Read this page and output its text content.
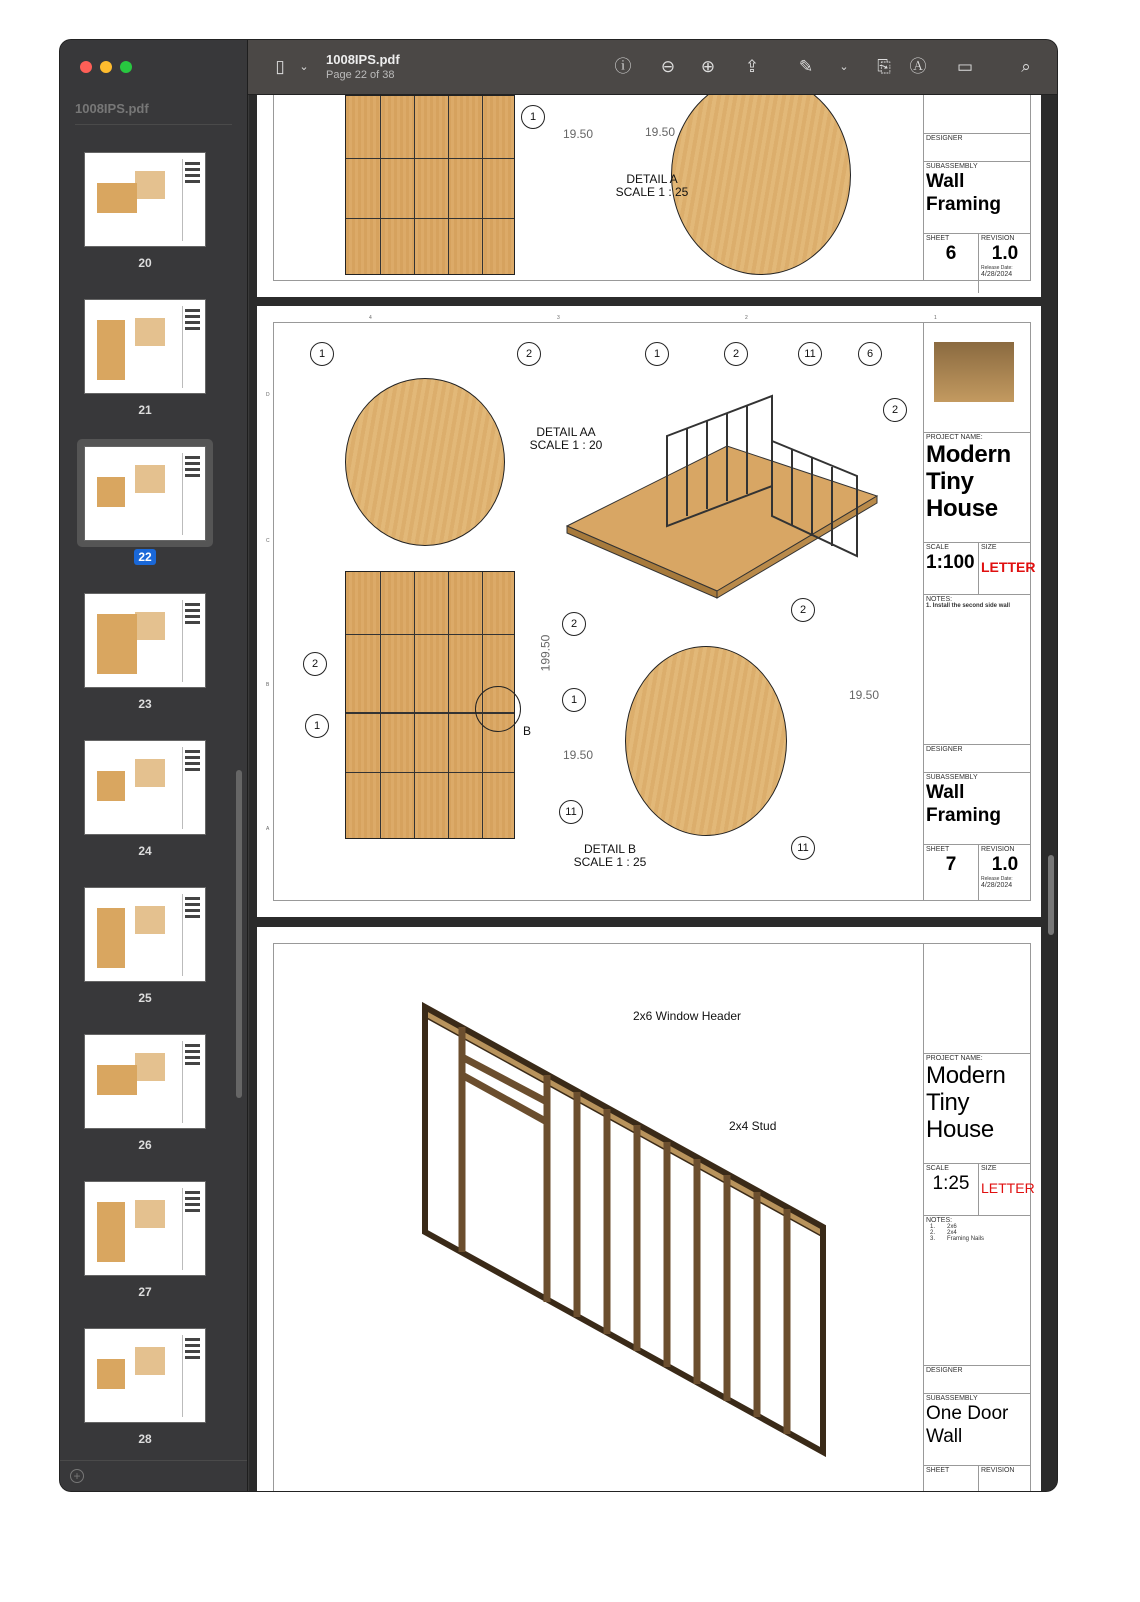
1008IPS.pdf
20
21
22
23
24
25
26
27
28
+
▯	⌄	1008IPS.pdf
Page 22 of 38	ⓘ ⊖ ⊕ ⇪ ✎	⌄	⎘	Ⓐ ▭	⌕
1
19.50	19.50
DETAIL A
SCALE 1 : 25
DESIGNER
SUBASSEMBLY
Wall Framing
SHEET
6
REVISION
1.0
Release Date:
4/28/2024
4	3	2	1
D
C
B
A
DETAIL AA
SCALE 1 : 20
B
199.50
19.50
19.50
DETAIL B
SCALE 1 : 25
1	2	1	2	11	6
2
2
2
1
1
11
11
2
PROJECT NAME:
Modern Tiny House
SCALE
1:100
SIZE
LETTER
NOTES:
1. Install the second side wall
DESIGNER
SUBASSEMBLY
Wall Framing
SHEET
7
REVISION
1.0
Release Date:
4/28/2024
2x6 Window Header
2x4 Stud
PROJECT NAME:
Modern Tiny House
SCALE
1:25
SIZE
LETTER
NOTES:
1. 2x6
2. 2x4
3. Framing Nails
DESIGNER
SUBASSEMBLY
One Door Wall
SHEET	REVISION
